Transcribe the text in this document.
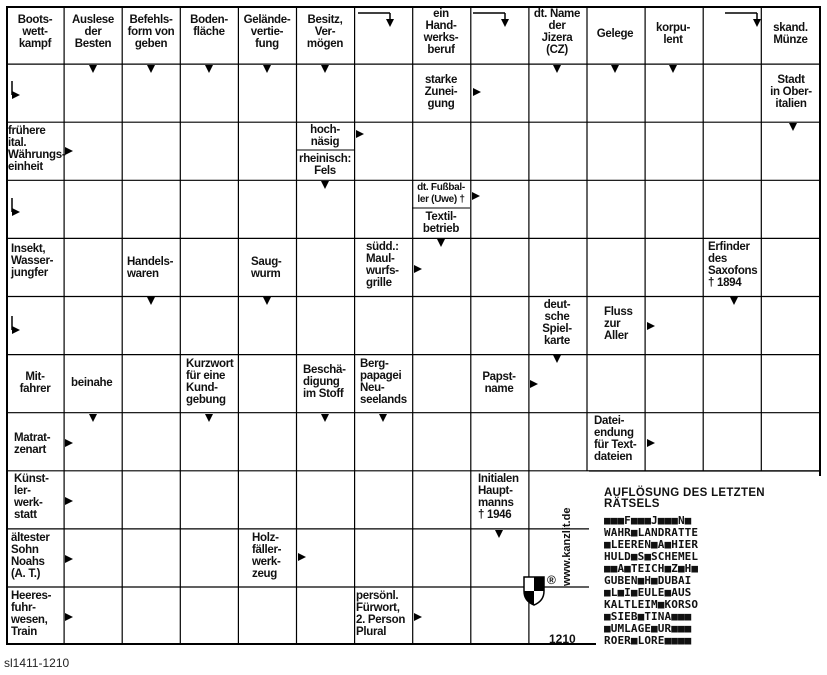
Boots-
wett-
kampf
Auslese
der
Besten
Befehls-
form von
geben
Boden-
fläche
Gelände-
vertie-
fung
Besitz,
Ver-
mögen
ein
Hand-
werks-
beruf
dt. Name
der
Jizera
(CZ)
Gelege	korpu-
lent
skand.
Münze
starke
Zunei-
gung
Stadt
in Ober-
italien
frühere
ital.
Währungs-
einheit
hoch-
näsig
rheinisch:
Fels
dt. Fußbal-
ler (Uwe) †
Textil-
betrieb
Insekt,
Wasser-
jungfer
Handels-
waren
Saug-
wurm
südd.:
Maul-
wurfs-
grille
Erfinder
des
Saxofons
† 1894
deut-
sche
Spiel-
karte
Fluss
zur
Aller
Mit-
fahrer	beinahe
Kurzwort
für eine
Kund-
gebung
Beschä-
digung
im Stoff
Berg-
papagei
Neu-
seelands
Papst-
name
Matrat-
zenart
Datei-
endung
für Text-
dateien
Künst-
ler-
werk-
statt
Initialen
Haupt-
manns
† 1946
ältester
Sohn
Noahs
(A. T.)
Holz-
fäller-
werk-
zeug
Heeres-
fuhr-
wesen,
Train
persönl.
Fürwort,
2. Person
Plural
AUFLÖSUNG DES LETZTEN
RÄTSELS
■■■F■■■J■■■N■
WAHR■LANDRATTE
■LEEREN■A■HIER
HULD■S■SCHEMEL
■■A■TEICH■Z■H■
GUBEN■H■DUBAI
■L■I■EULE■AUS
KALTLEIM■KORSO
■SIEB■TINA■■■
■UMLAGE■UR■■■
ROER■LORE■■■■
www.kanzlit.de
®
1210
sl1411-1210
